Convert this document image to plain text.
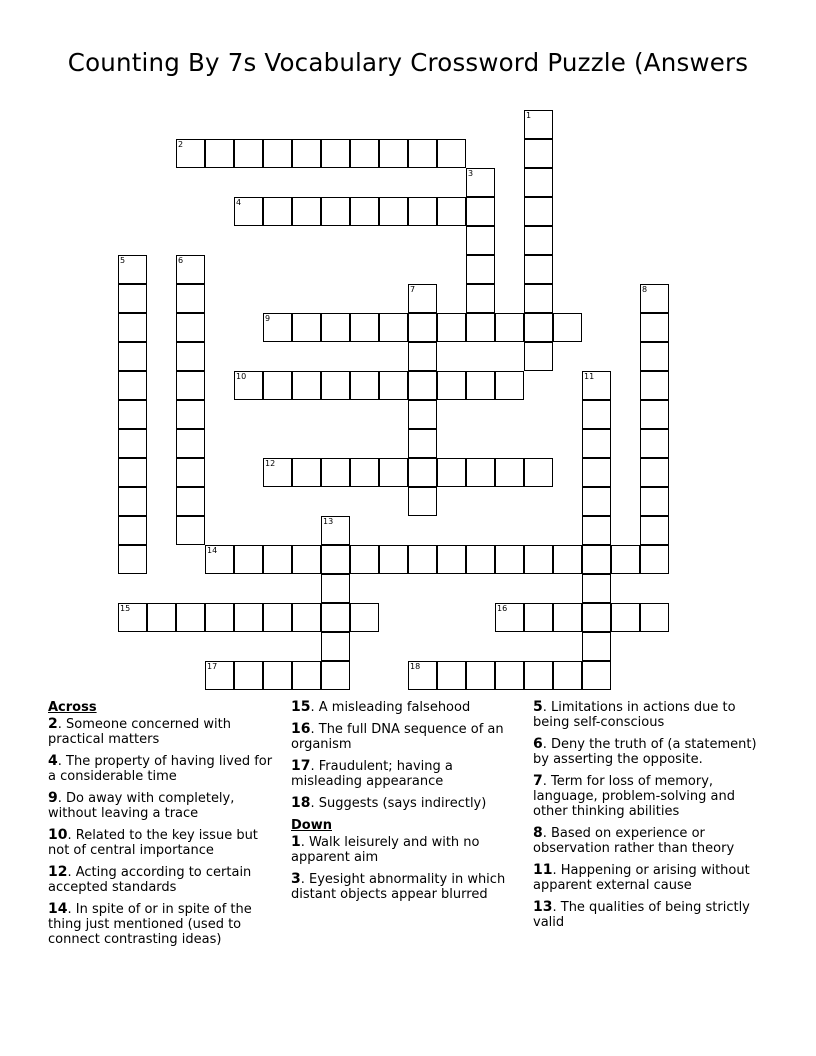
Counting By 7s Vocabulary Crossword Puzzle (Answers
1
2
3
4
5	6
7	8
9
10	11
12
13
14
15	16
17	18
Across
2. Someone concerned with practical matters
4. The property of having lived for a considerable time
9. Do away with completely, without leaving a trace
10. Related to the key issue but not of central importance
12. Acting according to certain accepted standards
14. In spite of or in spite of the thing just mentioned (used to connect contrasting ideas)
15. A misleading falsehood
16. The full DNA sequence of an organism
17. Fraudulent; having a misleading appearance
18. Suggests (says indirectly)
Down
1. Walk leisurely and with no apparent aim
3. Eyesight abnormality in which distant objects appear blurred
5. Limitations in actions due to being self-conscious
6. Deny the truth of (a statement) by asserting the opposite.
7. Term for loss of memory, language, problem-solving and other thinking abilities
8. Based on experience or observation rather than theory
11. Happening or arising without apparent external cause
13. The qualities of being strictly valid
